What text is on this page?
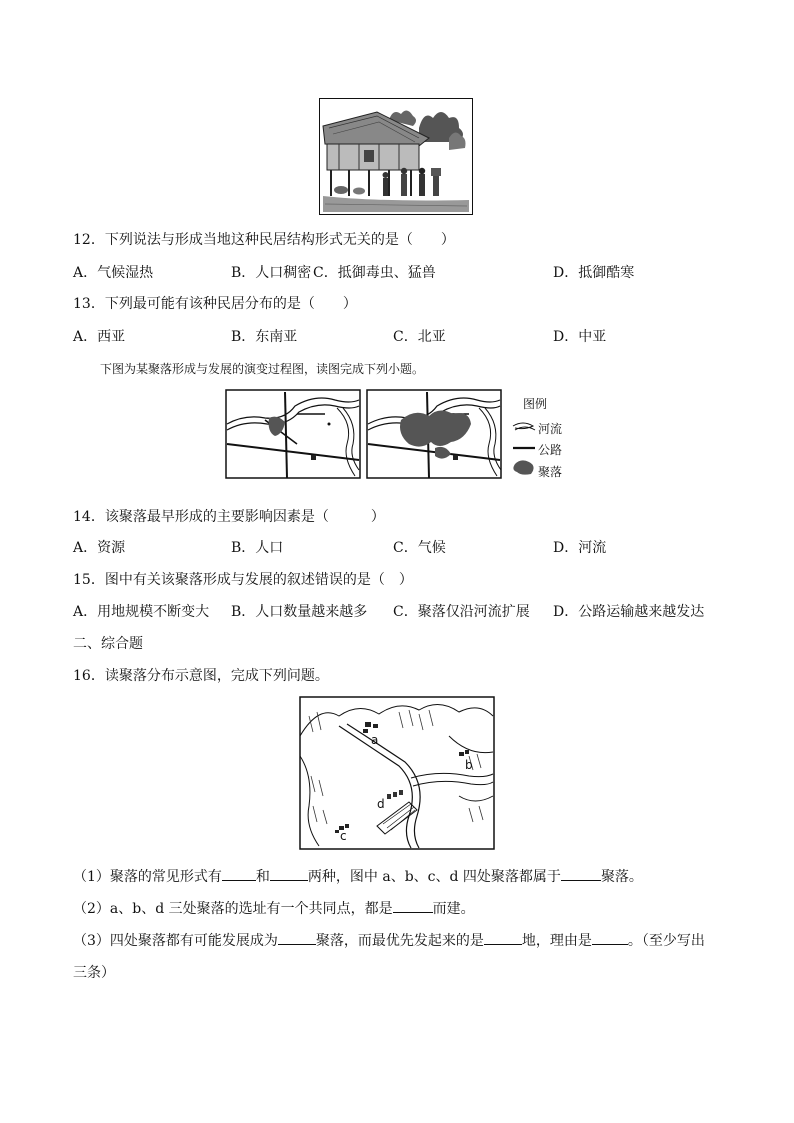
12．下列说法与形成当地这种民居结构形式无关的是（　　）
A．气候湿热	B．人口稠密 C．抵御毒虫、猛兽	D．抵御酷寒
13．下列最可能有该种民居分布的是（　　）
A．西亚	B．东南亚	C．北亚	D．中亚
下图为某聚落形成与发展的演变过程图，读图完成下列小题。
图例
河流
公路
聚落
14．该聚落最早形成的主要影响因素是（　　　）
A．资源	B．人口	C．气候	D．河流
15．图中有关该聚落形成与发展的叙述错误的是（　）
A．用地规模不断变大 B．人口数量越来越多 C．聚落仅沿河流扩展 D．公路运输越来越发达
二、综合题
16．读聚落分布示意图，完成下列问题。
a
b
c
d
（1）聚落的常见形式有 和	两种，图中 a、b、c、d 四处聚落都属于	聚落。
（2）a、b、d 三处聚落的选址有一个共同点，都是	而建。
（3）四处聚落都有可能发展成为	聚落，而最优先发起来的是	地，理由是	。（至少写出
三条）
